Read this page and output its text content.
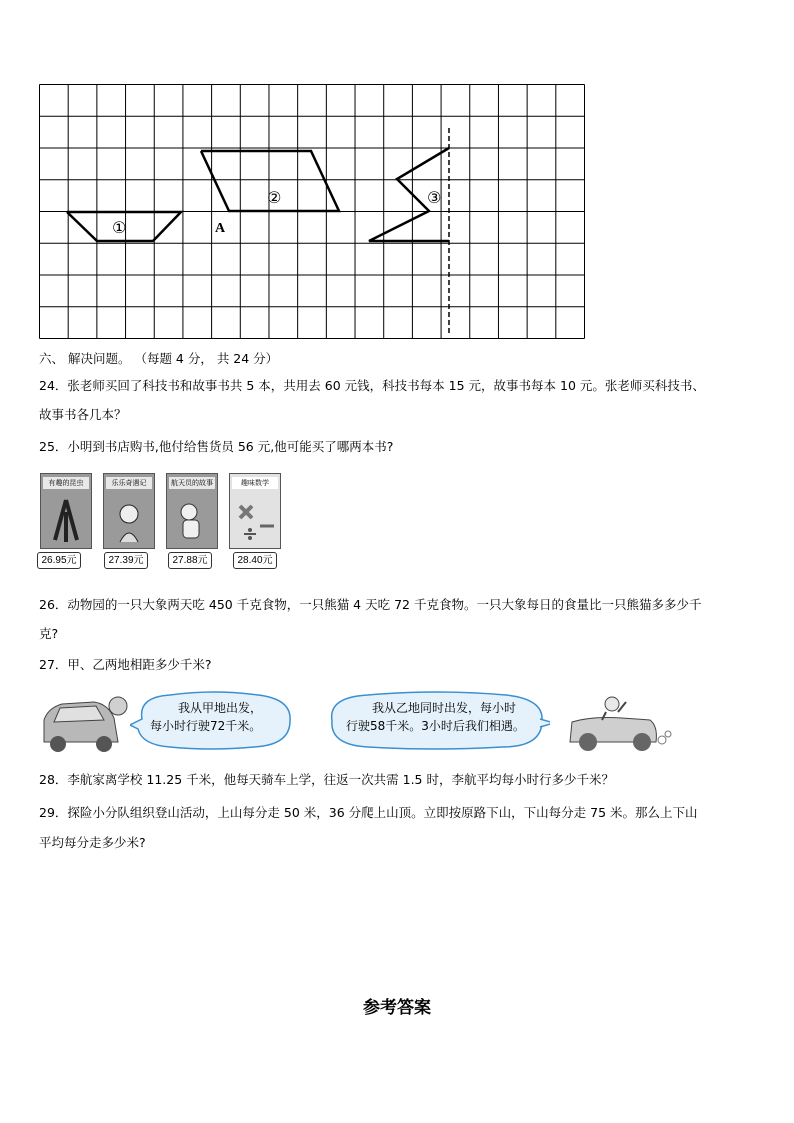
①
②	③
A
六、 解决问题。 （每题 4 分， 共 24 分）
24．张老师买回了科技书和故事书共 5 本，共用去 60 元钱，科技书每本 15 元，故事书每本 10 元。张老师买科技书、
故事书各几本？
25．小明到书店购书,他付给售货员 56 元,他可能买了哪两本书?
有趣的昆虫	乐乐奇遇记	航天员的故事	趣味数学
26.95元	27.39元	27.88元	28.40元
26．动物园的一只大象两天吃 450 千克食物，一只熊猫 4 天吃 72 千克食物。一只大象每日的食量比一只熊猫多多少千
克?
27．甲、乙两地相距多少千米?
我从甲地出发，
每小时行驶72千米。
我从乙地同时出发，每小时
行驶58千米。3小时后我们相遇。
28．李航家离学校 11.25 千米，他每天骑车上学，往返一次共需 1.5 时，李航平均每小时行多少千米？
29．探险小分队组织登山活动，上山每分走 50 米，36 分爬上山顶。立即按原路下山，下山每分走 75 米。那么上下山
平均每分走多少米?
参考答案
